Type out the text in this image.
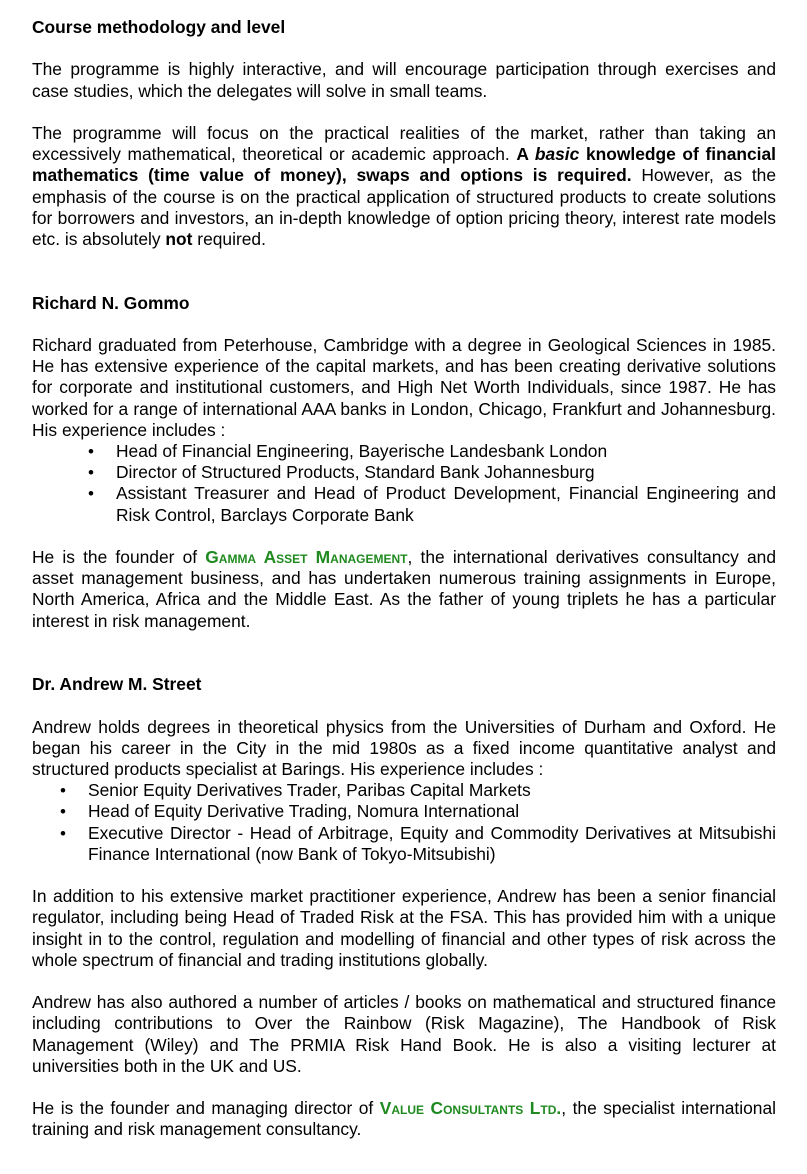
Course methodology and level

The programme is highly interactive, and will encourage participation through exercises and case studies, which the delegates will solve in small teams.

The programme will focus on the practical realities of the market, rather than taking an excessively mathematical, theoretical or academic approach. A basic knowledge of financial mathematics (time value of money), swaps and options is required. However, as the emphasis of the course is on the practical application of structured products to create solutions for borrowers and investors, an in-depth knowledge of option pricing theory, interest rate models etc. is absolutely not required.

Richard N. Gommo

Richard graduated from Peterhouse, Cambridge with a degree in Geological Sciences in 1985. He has extensive experience of the capital markets, and has been creating derivative solutions for corporate and institutional customers, and High Net Worth Individuals, since 1987. He has worked for a range of international AAA banks in London, Chicago, Frankfurt and Johannesburg. His experience includes :

• Head of Financial Engineering, Bayerische Landesbank London
• Director of Structured Products, Standard Bank Johannesburg
• Assistant Treasurer and Head of Product Development, Financial Engineering and Risk Control, Barclays Corporate Bank

He is the founder of Gamma Asset Management, the international derivatives consultancy and asset management business, and has undertaken numerous training assignments in Europe, North America, Africa and the Middle East. As the father of young triplets he has a particular interest in risk management.

Dr. Andrew M. Street

Andrew holds degrees in theoretical physics from the Universities of Durham and Oxford. He began his career in the City in the mid 1980s as a fixed income quantitative analyst and structured products specialist at Barings. His experience includes :

• Senior Equity Derivatives Trader, Paribas Capital Markets
• Head of Equity Derivative Trading, Nomura International
• Executive Director - Head of Arbitrage, Equity and Commodity Derivatives at Mitsubishi Finance International (now Bank of Tokyo-Mitsubishi)

In addition to his extensive market practitioner experience, Andrew has been a senior financial regulator, including being Head of Traded Risk at the FSA. This has provided him with a unique insight in to the control, regulation and modelling of financial and other types of risk across the whole spectrum of financial and trading institutions globally.

Andrew has also authored a number of articles / books on mathematical and structured finance including contributions to Over the Rainbow (Risk Magazine), The Handbook of Risk Management (Wiley) and The PRMIA Risk Hand Book. He is also a visiting lecturer at universities both in the UK and US.

He is the founder and managing director of Value Consultants Ltd., the specialist international training and risk management consultancy.
